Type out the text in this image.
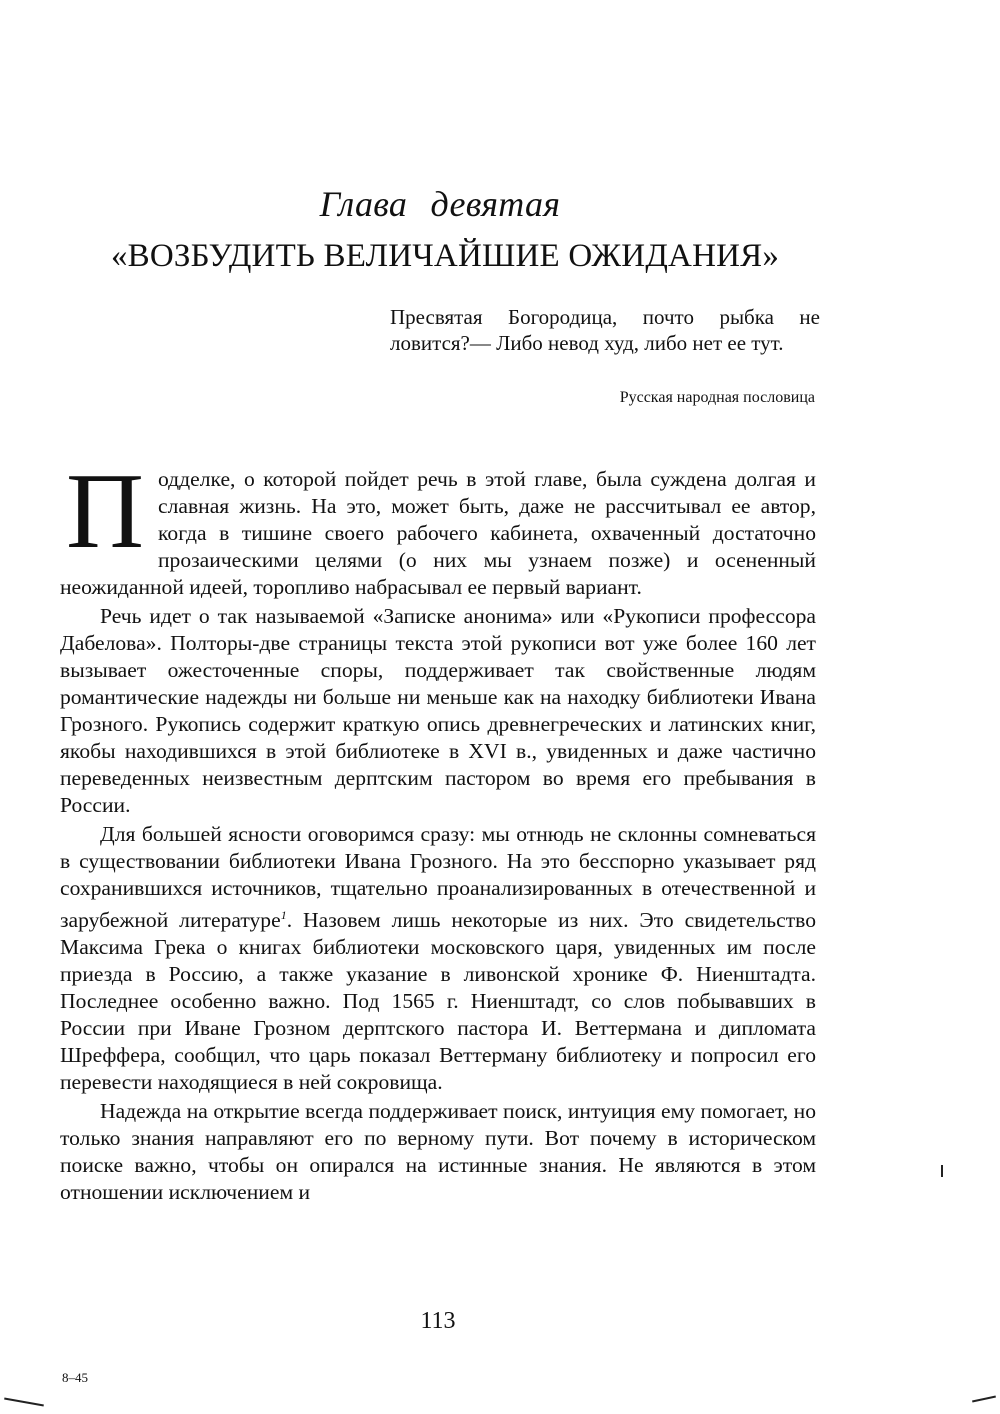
Глава девятая
«ВОЗБУДИТЬ ВЕЛИЧАЙШИЕ ОЖИДАНИЯ»
Пресвятая Богородица, почто рыбка не ловится?— Либо невод худ, либо нет ее тут.
Русская народная пословица

Подделке, о которой пойдет речь в этой главе, была суждена долгая и славная жизнь. На это, может быть, даже не рассчитывал ее автор, когда в тишине своего рабочего кабинета, охваченный достаточно прозаическими целями (о них мы узнаем позже) и осененный неожиданной идеей, торопливо набрасывал ее первый вариант.

Речь идет о так называемой «Записке анонима» или «Рукописи профессора Дабелова». Полторы-две страницы текста этой рукописи вот уже более 160 лет вызывает ожесточенные споры, поддерживает так свойственные людям романтические надежды ни больше ни меньше как на находку библиотеки Ивана Грозного. Рукопись содержит краткую опись древнегреческих и латинских книг, якобы находившихся в этой библиотеке в XVI в., увиденных и даже частично переведенных неизвестным дерптским пастором во время его пребывания в России.

Для большей ясности оговоримся сразу: мы отнюдь не склонны сомневаться в существовании библиотеки Ивана Грозного. На это бесспорно указывает ряд сохранившихся источников, тщательно проанализированных в отечественной и зарубежной литературе$^1$. Назовем лишь некоторые из них. Это свидетельство Максима Грека о книгах библиотеки московского царя, увиденных им после приезда в Россию, а также указание в ливонской хронике Ф. Ниенштадта. Последнее особенно важно. Под 1565 г. Ниенштадт, со слов побывавших в России при Иване Грозном дерптского пастора И. Веттермана и дипломата Шреффера, сообщил, что царь показал Веттерману библиотеку и попросил его перевести находящиеся в ней сокровища.

Надежда на открытие всегда поддерживает поиск, интуиция ему помогает, но только знания направляют его по верному пути. Вот почему в историческом поиске важно, чтобы он опирался на истинные знания. Не являются в этом отношении исключением и

113
8–45
